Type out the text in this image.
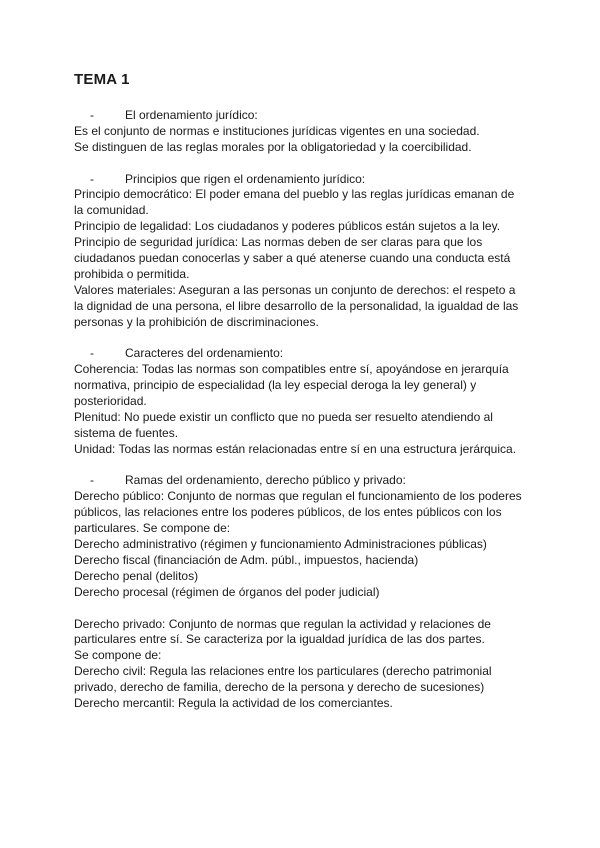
TEMA 1
-	El ordenamiento jurídico:
Es el conjunto de normas e instituciones jurídicas vigentes en una sociedad.
Se distinguen de las reglas morales por la obligatoriedad y la coercibilidad.
-	Principios que rigen el ordenamiento jurídico:
Principio democrático: El poder emana del pueblo y las reglas jurídicas emanan de
la comunidad.
Principio de legalidad: Los ciudadanos y poderes públicos están sujetos a la ley.
Principio de seguridad jurídica: Las normas deben de ser claras para que los
ciudadanos puedan conocerlas y saber a qué atenerse cuando una conducta está
prohibida o permitida.
Valores materiales: Aseguran a las personas un conjunto de derechos: el respeto a
la dignidad de una persona, el libre desarrollo de la personalidad, la igualdad de las
personas y la prohibición de discriminaciones.
-	Caracteres del ordenamiento:
Coherencia: Todas las normas son compatibles entre sí, apoyándose en jerarquía
normativa, principio de especialidad (la ley especial deroga la ley general) y
posterioridad.
Plenitud: No puede existir un conflicto que no pueda ser resuelto atendiendo al
sistema de fuentes.
Unidad: Todas las normas están relacionadas entre sí en una estructura jerárquica.
-	Ramas del ordenamiento, derecho público y privado:
Derecho público: Conjunto de normas que regulan el funcionamiento de los poderes
públicos, las relaciones entre los poderes públicos, de los entes públicos con los
particulares. Se compone de:
Derecho administrativo (régimen y funcionamiento Administraciones públicas)
Derecho fiscal (financiación de Adm. públ., impuestos, hacienda)
Derecho penal (delitos)
Derecho procesal (régimen de órganos del poder judicial)
Derecho privado: Conjunto de normas que regulan la actividad y relaciones de
particulares entre sí. Se caracteriza por la igualdad jurídica de las dos partes.
Se compone de:
Derecho civil: Regula las relaciones entre los particulares (derecho patrimonial
privado, derecho de familia, derecho de la persona y derecho de sucesiones)
Derecho mercantil: Regula la actividad de los comerciantes.
